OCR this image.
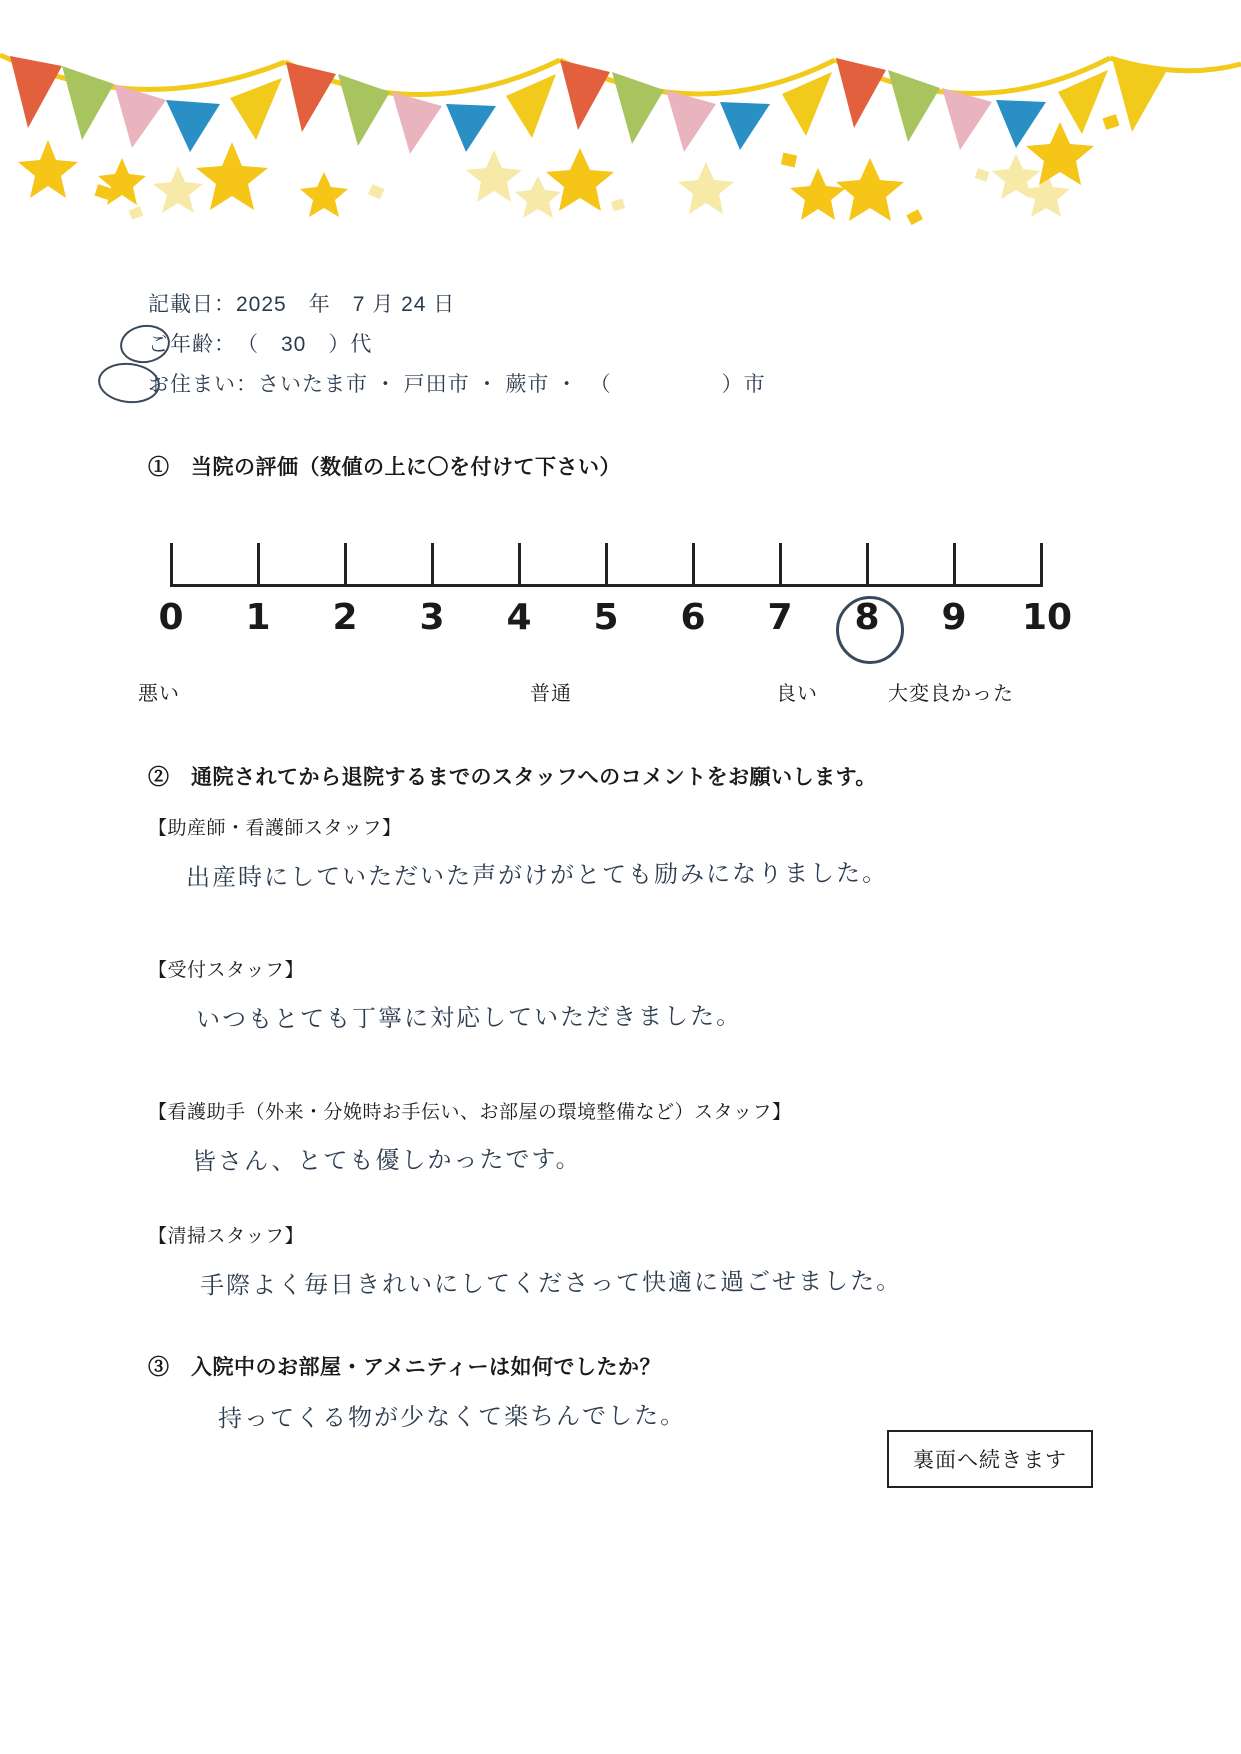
記載日：2025　年　7 月 24 日
ご年齢：　（　30　）代
お住まい：さいたま市 ・ 戸田市 ・ 蕨市 ・　（　　　　　）市
①　当院の評価（数値の上に〇を付けて下さい）
0	1	2	3	4	5	6	7	8	9	10
悪い	普通	良い	大変良かった
②　通院されてから退院するまでのスタッフへのコメントをお願いします。
【助産師・看護師スタッフ】
出産時にしていただいた声がけがとても励みになりました。
【受付スタッフ】
いつもとても丁寧に対応していただきました。
【看護助手（外来・分娩時お手伝い、お部屋の環境整備など）スタッフ】
皆さん、とても優しかったです。
【清掃スタッフ】
手際よく毎日きれいにしてくださって快適に過ごせました。
③　入院中のお部屋・アメニティーは如何でしたか？
持ってくる物が少なくて楽ちんでした。
裏面へ続きます
